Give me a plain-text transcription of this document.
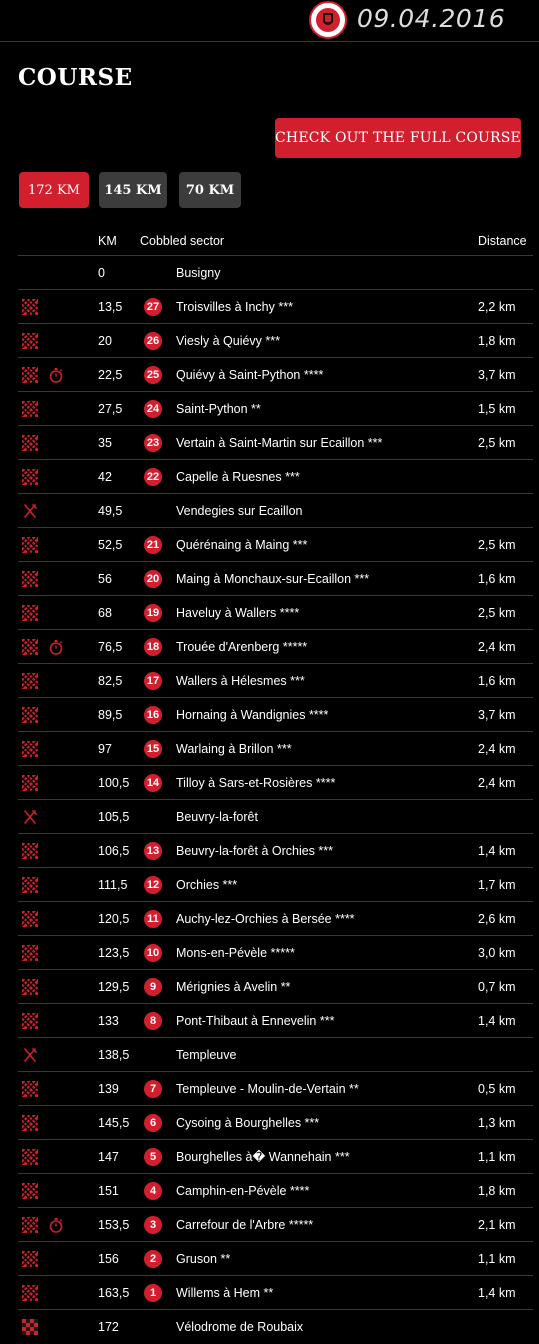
09.04.2016
COURSE
CHECK OUT THE FULL COURSE
172 KM	145 KM	70 KM
KM Cobbled sector	Distance
0	Busigny
13,5 27 Troisvilles à Inchy ***	2,2 km
20	26 Viesly à Quiévy ***	1,8 km
22,5 25 Quiévy à Saint-Python ****	3,7 km
27,5 24 Saint-Python **	1,5 km
35	23 Vertain à Saint-Martin sur Ecaillon ***	2,5 km
42	22 Capelle à Ruesnes ***
49,5	Vendegies sur Ecaillon
52,5 21 Quérénaing à Maing ***	2,5 km
56	20 Maing à Monchaux-sur-Ecaillon ***	1,6 km
68	19 Haveluy à Wallers ****	2,5 km
76,5 18 Trouée d'Arenberg *****	2,4 km
82,5 17 Wallers à Hélesmes ***	1,6 km
89,5 16 Hornaing à Wandignies ****	3,7 km
97	15 Warlaing à Brillon ***	2,4 km
100,5 14 Tilloy à Sars-et-Rosières ****	2,4 km
105,5	Beuvry-la-forêt
106,5 13 Beuvry-la-forêt à Orchies ***	1,4 km
111,5 12 Orchies ***	1,7 km
120,5 11 Auchy-lez-Orchies à Bersée ****	2,6 km
123,5 10 Mons-en-Pévèle *****	3,0 km
129,5	9	Mérignies à Avelin **	0,7 km
133	8	Pont-Thibaut à Ennevelin ***	1,4 km
138,5	Templeuve
139	7	Templeuve - Moulin-de-Vertain **	0,5 km
145,5	6	Cysoing à Bourghelles ***	1,3 km
147	5	Bourghelles à� Wannehain ***	1,1 km
151	4	Camphin-en-Pévèle ****	1,8 km
153,5	3	Carrefour de l'Arbre *****	2,1 km
156	2	Gruson **	1,1 km
163,5	1	Willems à Hem **	1,4 km
172	Vélodrome de Roubaix
